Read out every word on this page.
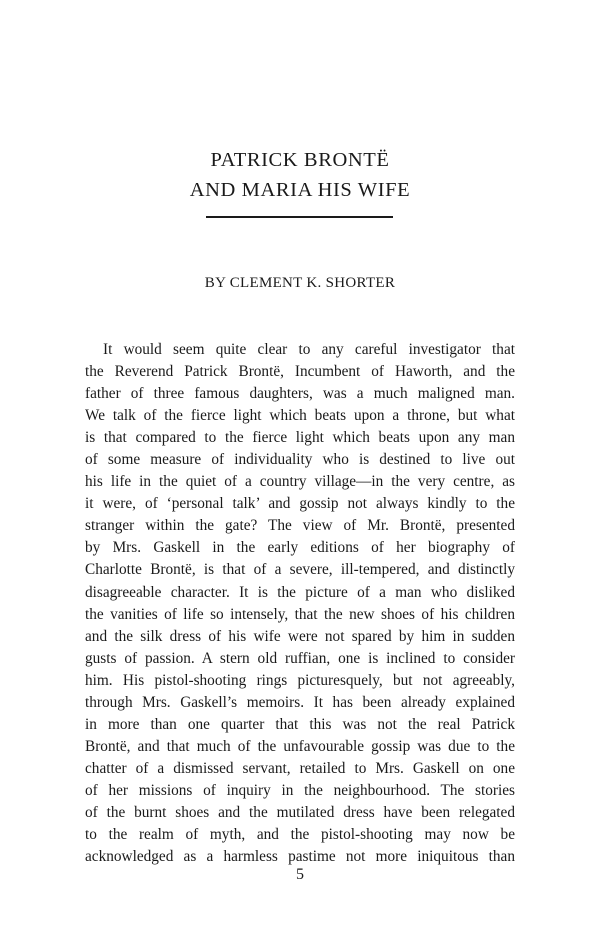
PATRICK BRONTË
AND MARIA HIS WIFE
BY CLEMENT K. SHORTER

It would seem quite clear to any careful investigator that
the Reverend Patrick Brontë, Incumbent of Haworth, and the
father of three famous daughters, was a much maligned man.
We talk of the fierce light which beats upon a throne, but what
is that compared to the fierce light which beats upon any man
of some measure of individuality who is destined to live out
his life in the quiet of a country village—in the very centre, as
it were, of ‘personal talk’ and gossip not always kindly to the
stranger within the gate? The view of Mr. Brontë, presented
by Mrs. Gaskell in the early editions of her biography of
Charlotte Brontë, is that of a severe, ill-tempered, and distinctly
disagreeable character. It is the picture of a man who disliked
the vanities of life so intensely, that the new shoes of his children
and the silk dress of his wife were not spared by him in sudden
gusts of passion. A stern old ruffian, one is inclined to consider
him. His pistol-shooting rings picturesquely, but not agreeably,
through Mrs. Gaskell’s memoirs. It has been already explained
in more than one quarter that this was not the real Patrick
Brontë, and that much of the unfavourable gossip was due to the
chatter of a dismissed servant, retailed to Mrs. Gaskell on one
of her missions of inquiry in the neighbourhood. The stories
of the burnt shoes and the mutilated dress have been relegated
to the realm of myth, and the pistol-shooting may now be
acknowledged as a harmless pastime not more iniquitous than

5
